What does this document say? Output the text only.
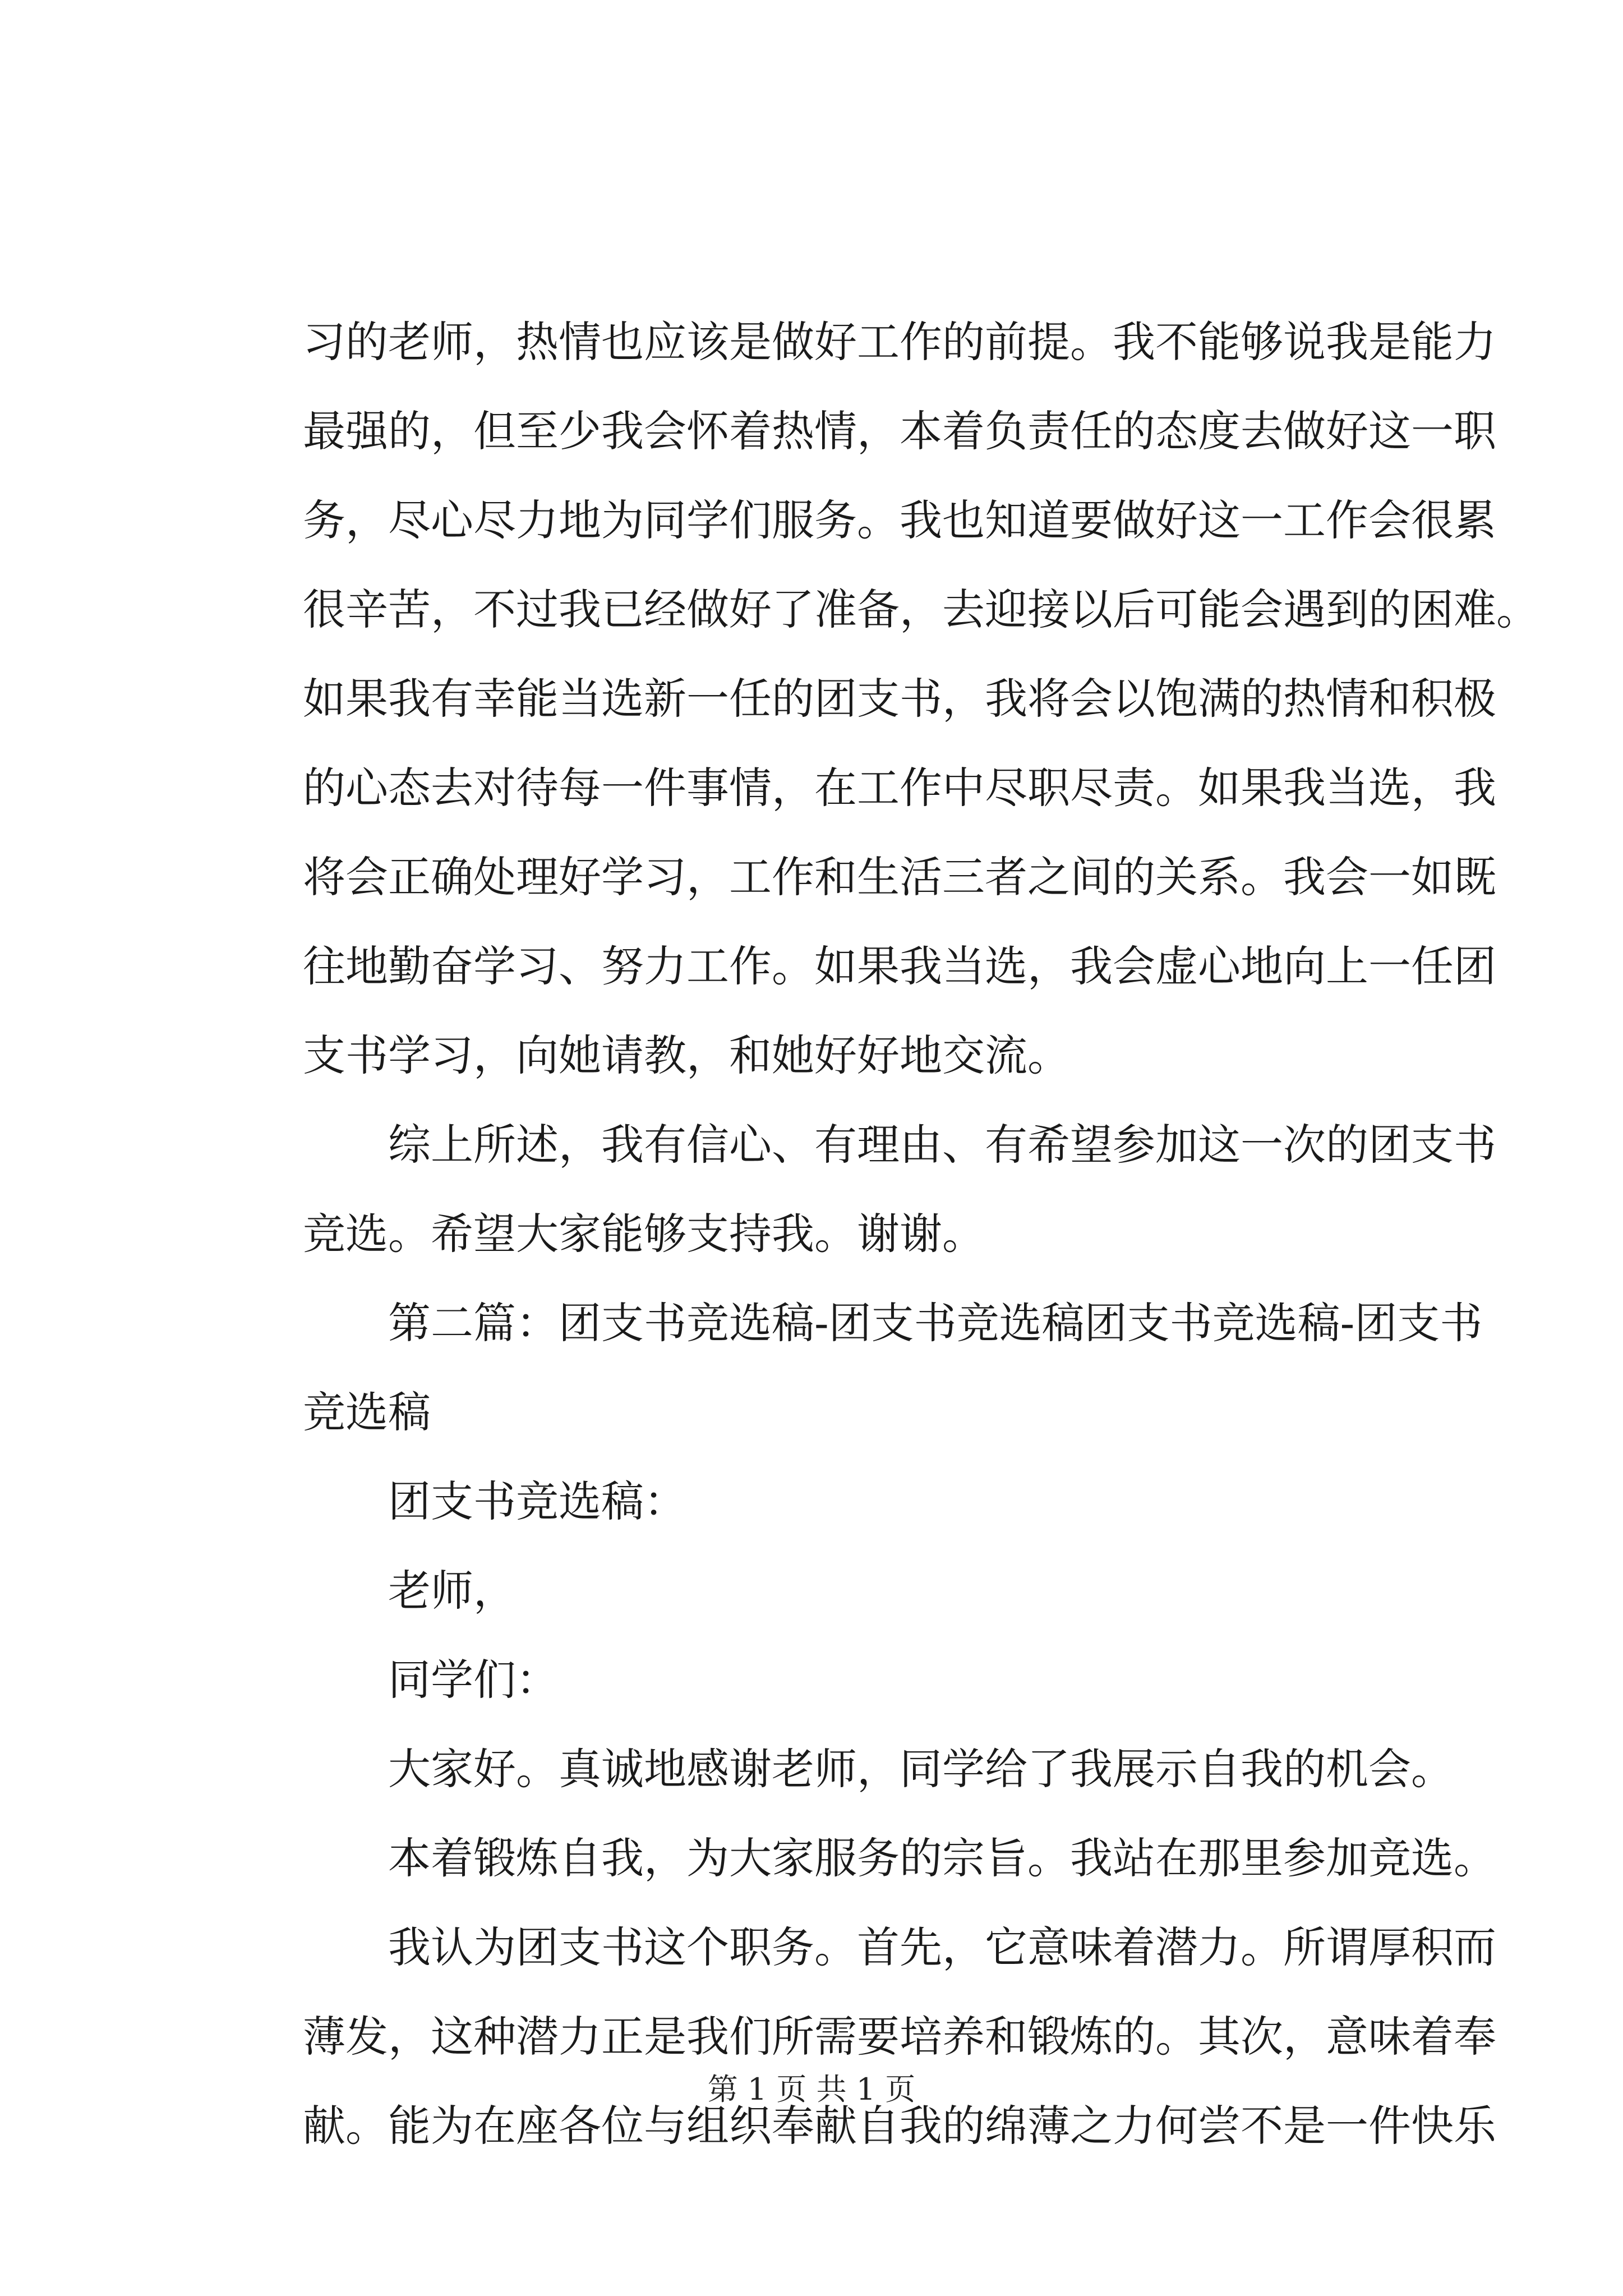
习的老师，热情也应该是做好工作的前提。我不能够说我是能力
最强的，但至少我会怀着热情，本着负责任的态度去做好这一职
务，尽心尽力地为同学们服务。我也知道要做好这一工作会很累
很辛苦，不过我已经做好了准备，去迎接以后可能会遇到的困难。
如果我有幸能当选新一任的团支书，我将会以饱满的热情和积极
的心态去对待每一件事情，在工作中尽职尽责。如果我当选，我
将会正确处理好学习，工作和生活三者之间的关系。我会一如既
往地勤奋学习、努力工作。如果我当选，我会虚心地向上一任团
支书学习，向她请教，和她好好地交流。
综上所述，我有信心、有理由、有希望参加这一次的团支书
竞选。希望大家能够支持我。谢谢。
第二篇：团支书竞选稿-团支书竞选稿团支书竞选稿-团支书
竞选稿
团支书竞选稿：
老师，
同学们：
大家好。真诚地感谢老师，同学给了我展示自我的机会。
本着锻炼自我，为大家服务的宗旨。我站在那里参加竞选。
我认为团支书这个职务。首先，它意味着潜力。所谓厚积而
薄发，这种潜力正是我们所需要培养和锻炼的。其次，意味着奉
献。能为在座各位与组织奉献自我的绵薄之力何尝不是一件快乐
第 1 页 共 1 页
